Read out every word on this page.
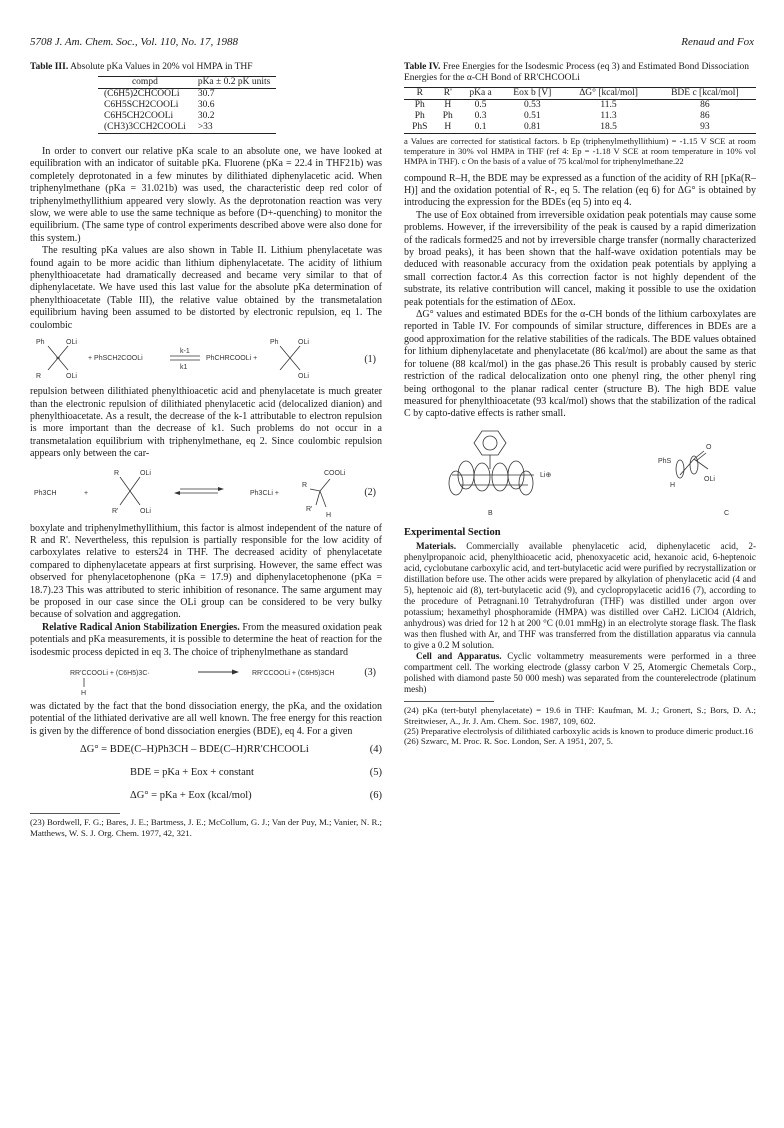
5708 J. Am. Chem. Soc., Vol. 110, No. 17, 1988	Renaud and Fox
Table III. Absolute pKa Values in 20% vol HMPA in THF
compd	pKa ± 0.2 pK units
(C6H5)2CHCOOLi	30.7
C6H5SCH2COOLi	30.6
C6H5CH2COOLi	30.2
(CH3)3CCH2COOLi	>33

In order to convert our relative pKa scale to an absolute one, we have looked at equilibration with an indicator of suitable pKa. Fluorene (pKa = 22.4 in THF21b) was completely deprotonated in a few minutes by dilithiated diphenylacetic acid. When triphenylmethane (pKa = 31.021b) was used, the characteristic deep red color of triphenylmethyllithium appeared very slowly. As the deprotonation reaction was very slow, we were able to use the same technique as before (D+-quenching) to monitor the equilibrium. (The same type of control experiments described above were also done for this system.)

The resulting pKa values are also shown in Table II. Lithium phenylacetate was found again to be more acidic than lithium diphenylacetate. The acidity of lithium phenylthioacetate had dramatically decreased and became very similar to that of diphenylacetate. We have used this last value for the absolute pKa determination of phenylthioacetate (Table III), the relative value obtained by the transmetalation equilibrium having been assumed to be distorted by electronic repulsion, eq 1. The coulombic

Ph	OLi
R	OLi
+ PhSCH2COOLi
k-1
k1
PhCHRCOOLi +
Ph	OLi
OLi
(1)

repulsion between dilithiated phenylthioacetic acid and phenylacetate is much greater than the electronic repulsion of dilithiated phenylacetic acid (delocalized dianion) and phenylthioacetate. As a result, the decrease of the k-1 attributable to electron repulsion is more important than the decrease of k1. Such problems do not occur in a transmetalation equilibrium with triphenylmethane, eq 2. Since coulombic repulsion appears only between the car-

Ph3CH	+
R	OLi
R'	OLi
Ph3CLi +
COOLi
R
R'
H
(2)

boxylate and triphenylmethyllithium, this factor is almost independent of the nature of R and R'. Nevertheless, this repulsion is partially responsible for the low acidity of carboxylates relative to esters24 in THF. The decreased acidity of phenylacetate compared to diphenylacetate appears at first surprising. However, the same effect was observed for phenylacetophenone (pKa = 17.9) and diphenylacetophenone (pKa = 18.7).23 This was attributed to steric inhibition of resonance. The same argument may be proposed in our case since the OLi group can be considered to be very bulky because of solvation and aggregation.

Relative Radical Anion Stabilization Energies. From the measured oxidation peak potentials and pKa measurements, it is possible to determine the heat of reaction for the isodesmic process depicted in eq 3. The choice of triphenylmethane as standard

RR'CCOOLi + (C6H5)3C·
H
RR'CCOOLi + (C6H5)3CH	(3)

was dictated by the fact that the bond dissociation energy, the pKa, and the oxidation potential of the lithiated derivative are all well known. The free energy for this reaction is given by the difference of bond dissociation energies (BDE), eq 4. For a given

ΔG° = BDE(C–H)Ph3CH – BDE(C–H)RR'CHCOOLi	(4)
BDE = pKa + Eox + constant	(5)
ΔG° = pKa + Eox (kcal/mol)	(6)

(23) Bordwell, F. G.; Bares, J. E.; Bartmess, J. E.; McCollum, G. J.; Van der Puy, M.; Vanier, N. R.; Matthews, W. S. J. Org. Chem. 1977, 42, 321.

Table IV. Free Energies for the Isodesmic Process (eq 3) and Estimated Bond Dissociation Energies for the α-CH Bond of RR'CHCOOLi
R	R'	pKa a	Eox b [V]	ΔG° [kcal/mol]	BDE c [kcal/mol]
Ph	H	0.5	0.53	11.5	86
Ph	Ph	0.3	0.51	11.3	86
PhS	H	0.1	0.81	18.5	93

a Values are corrected for statistical factors. b Ep (triphenylmethyllithium) = -1.15 V SCE at room temperature in 30% vol HMPA in THF (ref 4: Ep = -1.18 V SCE at room temperature in 10% vol HMPA in THF). c On the basis of a value of 75 kcal/mol for triphenylmethane.22

compound R–H, the BDE may be expressed as a function of the acidity of RH [pKa(R–H)] and the oxidation potential of R-, eq 5. The relation (eq 6) for ΔG° is obtained by introducing the expression for the BDEs (eq 5) into eq 4.

The use of Eox obtained from irreversible oxidation peak potentials may cause some problems. However, if the irreversibility of the peak is caused by a rapid dimerization of the radicals formed25 and not by irreversible charge transfer (normally characterized by broad peaks), it has been shown that the half-wave oxidation potentials may be deduced with reasonable accuracy from the oxidation peak potentials by applying a small correction factor.4 As this correction factor is not highly dependent of the substrate, its relative contribution will cancel, making it possible to use the oxidation peak potentials for the estimation of ΔEox.

ΔG° values and estimated BDEs for the α-CH bonds of the lithium carboxylates are reported in Table IV. For compounds of similar structure, differences in BDEs are a good approximation for the relative stabilities of the radicals. The BDE values obtained for lithium diphenylacetate and phenylacetate (86 kcal/mol) are about the same as that for toluene (88 kcal/mol) in the gas phase.26 This result is probably caused by steric restriction of the radical delocalization onto one phenyl ring, the other phenyl ring being orthogonal to the planar radical center (structure B). The high BDE value measured for phenylthioacetate (93 kcal/mol) shows that the stabilization of the radical C by capto-dative effects is rather small.

Li⊕
PhS
H
O
OLi
B	C
Experimental Section

Materials. Commercially available phenylacetic acid, diphenylacetic acid, 2-phenylpropanoic acid, phenylthioacetic acid, phenoxyacetic acid, hexanoic acid, 6-heptenoic acid, cyclobutane carboxylic acid, and tert-butylacetic acid were purified by recrystallization or distillation before use. The other acids were prepared by alkylation of phenylacetic acid (4 and 5), heptenoic aid (8), tert-butylacetic acid (9), and cyclopropylacetic acid16 (7), according to the procedure of Petragnani.10 Tetrahydrofuran (THF) was distilled under argon over potassium; hexamethyl phosphoramide (HMPA) was distilled over CaH2. LiClO4 (Aldrich, anhydrous) was dried for 12 h at 200 °C (0.01 mmHg) in an electrolyte storage flask. The flask was then flushed with Ar, and THF was transferred from the distillation apparatus via cannula to give a 0.2 M solution.

Cell and Apparatus. Cyclic voltammetry measurements were performed in a three compartment cell. The working electrode (glassy carbon V 25, Atomergic Chemetals Corp., polished with diamond paste 50 000 mesh) was separated from the counterelectrode (platinum mesh)

(24) pKa (tert-butyl phenylacetate) = 19.6 in THF: Kaufman, M. J.; Gronert, S.; Bors, D. A.; Streitwieser, A., Jr. J. Am. Chem. Soc. 1987, 109, 602.

(25) Preparative electrolysis of dilithiated carboxylic acids is known to produce dimeric product.16

(26) Szwarc, M. Proc. R. Soc. London, Ser. A 1951, 207, 5.
